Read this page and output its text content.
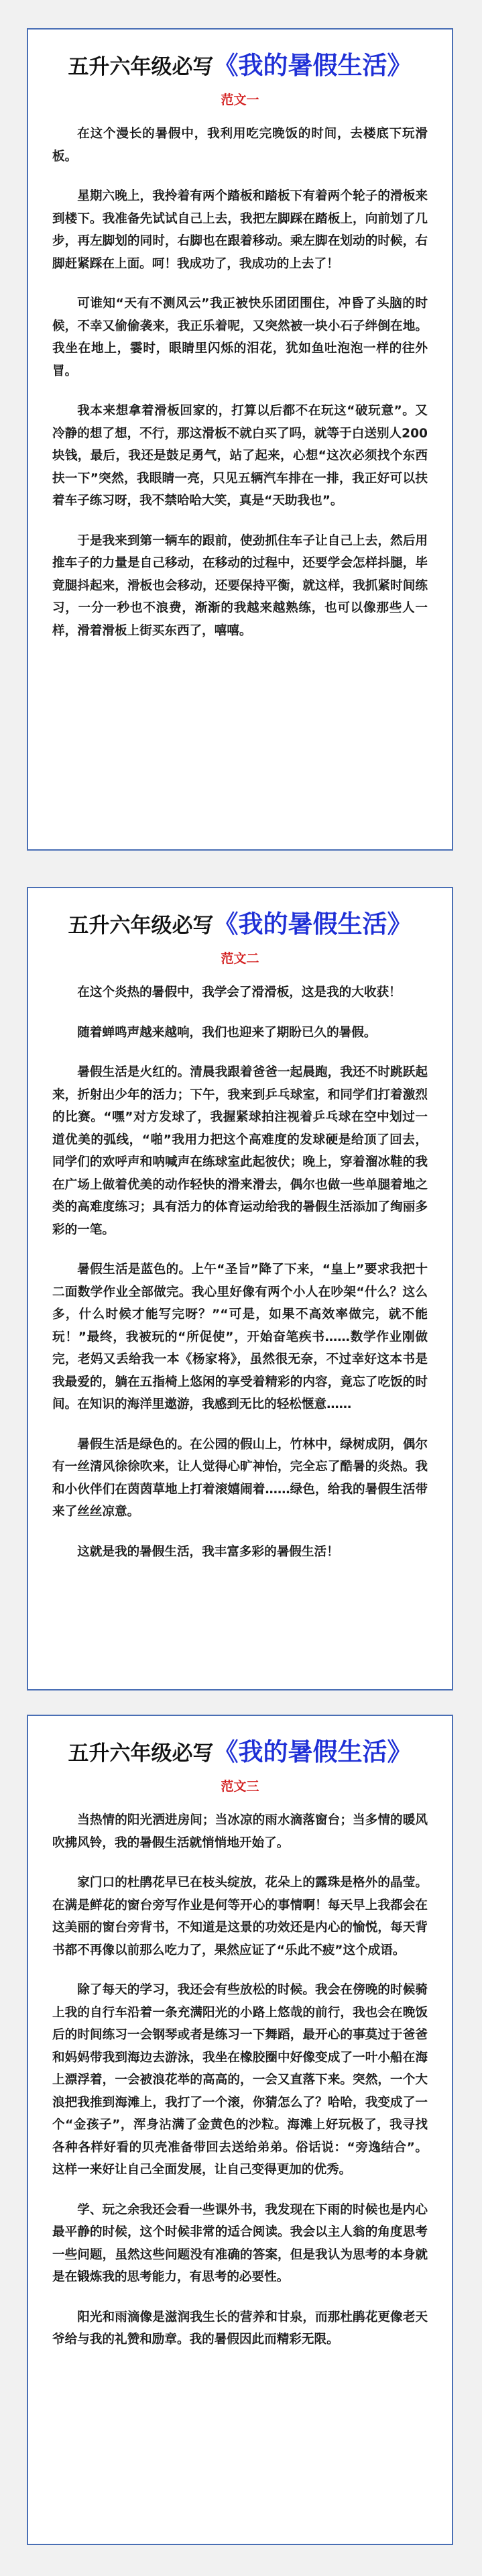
五升六年级必写《我的暑假生活》
范文一

在这个漫长的暑假中，我利用吃完晚饭的时间，去楼底下玩滑板。

星期六晚上，我拎着有两个踏板和踏板下有着两个轮子的滑板来到楼下。我准备先试试自己上去，我把左脚踩在踏板上，向前划了几步，再左脚划的同时，右脚也在跟着移动。乘左脚在划动的时候，右脚赶紧踩在上面。呵！我成功了，我成功的上去了！

可谁知“天有不测风云”我正被快乐团团围住，冲昏了头脑的时候，不幸又偷偷袭来，我正乐着呢，又突然被一块小石子绊倒在地。我坐在地上，霎时，眼睛里闪烁的泪花，犹如鱼吐泡泡一样的往外冒。

我本来想拿着滑板回家的，打算以后都不在玩这“破玩意”。又冷静的想了想，不行，那这滑板不就白买了吗，就等于白送别人200块钱，最后，我还是鼓足勇气，站了起来，心想“这次必须找个东西扶一下”突然，我眼睛一亮，只见五辆汽车排在一排，我正好可以扶着车子练习呀，我不禁哈哈大笑，真是“天助我也”。

于是我来到第一辆车的跟前，使劲抓住车子让自己上去，然后用推车子的力量是自己移动，在移动的过程中，还要学会怎样抖腿，毕竟腿抖起来，滑板也会移动，还要保持平衡，就这样，我抓紧时间练习，一分一秒也不浪费，渐渐的我越来越熟练，也可以像那些人一样，滑着滑板上街买东西了，嘻嘻。

五升六年级必写《我的暑假生活》
范文二

在这个炎热的暑假中，我学会了滑滑板，这是我的大收获！

随着蝉鸣声越来越响，我们也迎来了期盼已久的暑假。

暑假生活是火红的。清晨我跟着爸爸一起晨跑，我还不时跳跃起来，折射出少年的活力；下午，我来到乒乓球室，和同学们打着激烈的比赛。“嘿”对方发球了，我握紧球拍注视着乒乓球在空中划过一道优美的弧线，“啪”我用力把这个高难度的发球硬是给顶了回去，同学们的欢呼声和呐喊声在练球室此起彼伏；晚上，穿着溜冰鞋的我在广场上做着优美的动作轻快的滑来滑去，偶尔也做一些单腿着地之类的高难度练习；具有活力的体育运动给我的暑假生活添加了绚丽多彩的一笔。

暑假生活是蓝色的。上午“圣旨”降了下来，“皇上”要求我把十二面数学作业全部做完。我心里好像有两个小人在吵架“什么？这么多，什么时候才能写完呀？”“可是，如果不高效率做完，就不能玩！”最终，我被玩的“所促使”，开始奋笔疾书……数学作业刚做完，老妈又丢给我一本《杨家将》，虽然很无奈，不过幸好这本书是我最爱的，躺在五指椅上悠闲的享受着精彩的内容，竟忘了吃饭的时间。在知识的海洋里遨游，我感到无比的轻松惬意……

暑假生活是绿色的。在公园的假山上，竹林中，绿树成阴，偶尔有一丝清风徐徐吹来，让人觉得心旷神怡，完全忘了酷暑的炎热。我和小伙伴们在茵茵草地上打着滚嬉闹着……绿色，给我的暑假生活带来了丝丝凉意。

这就是我的暑假生活，我丰富多彩的暑假生活！

五升六年级必写《我的暑假生活》
范文三

当热情的阳光洒进房间；当冰凉的雨水滴落窗台；当多情的暖风吹拂风铃，我的暑假生活就悄悄地开始了。

家门口的杜鹃花早已在枝头绽放，花朵上的露珠是格外的晶莹。在满是鲜花的窗台旁写作业是何等开心的事情啊！每天早上我都会在这美丽的窗台旁背书，不知道是这景的功效还是内心的愉悦，每天背书都不再像以前那么吃力了，果然应证了“乐此不疲”这个成语。

除了每天的学习，我还会有些放松的时候。我会在傍晚的时候骑上我的自行车沿着一条充满阳光的小路上悠哉的前行，我也会在晚饭后的时间练习一会钢琴或者是练习一下舞蹈，最开心的事莫过于爸爸和妈妈带我到海边去游泳，我坐在橡胶圈中好像变成了一叶小船在海上漂浮着，一会被浪花举的高高的，一会又直落下来。突然，一个大浪把我推到海滩上，我打了一个滚，你猜怎么了？哈哈，我变成了一个“金孩子”，浑身沾满了金黄色的沙粒。海滩上好玩极了，我寻找各种各样好看的贝壳准备带回去送给弟弟。俗话说：“旁逸结合”。这样一来好让自己全面发展，让自己变得更加的优秀。

学、玩之余我还会看一些课外书，我发现在下雨的时候也是内心最平静的时候，这个时候非常的适合阅读。我会以主人翁的角度思考一些问题，虽然这些问题没有准确的答案，但是我认为思考的本身就是在锻炼我的思考能力，有思考的必要性。

阳光和雨滴像是滋润我生长的营养和甘泉，而那杜鹃花更像老天爷给与我的礼赞和励章。我的暑假因此而精彩无限。
